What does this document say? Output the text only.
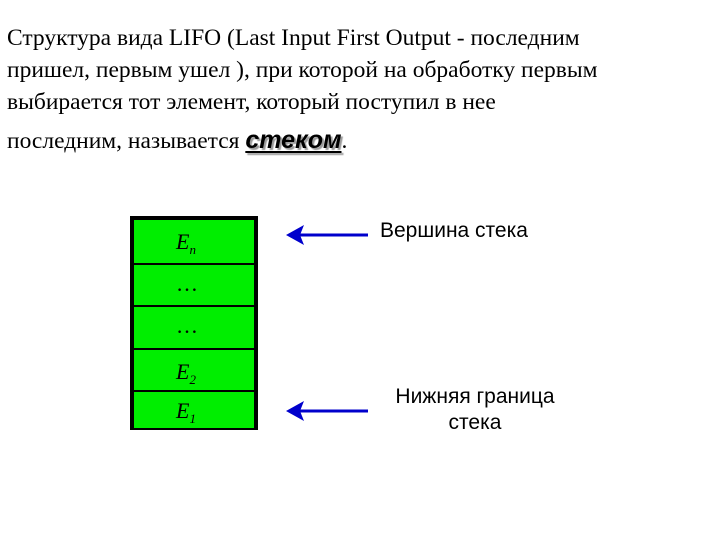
Структура вида LIFO (Last Input First Output - последним
пришел, первым ушел ), при которой на обработку первым
выбирается тот элемент, который поступил в нее
последним, называется стеком.
$E_n$
…
…
$E_2$
$E_1$
Вершина стека
Нижняя граница
стека
